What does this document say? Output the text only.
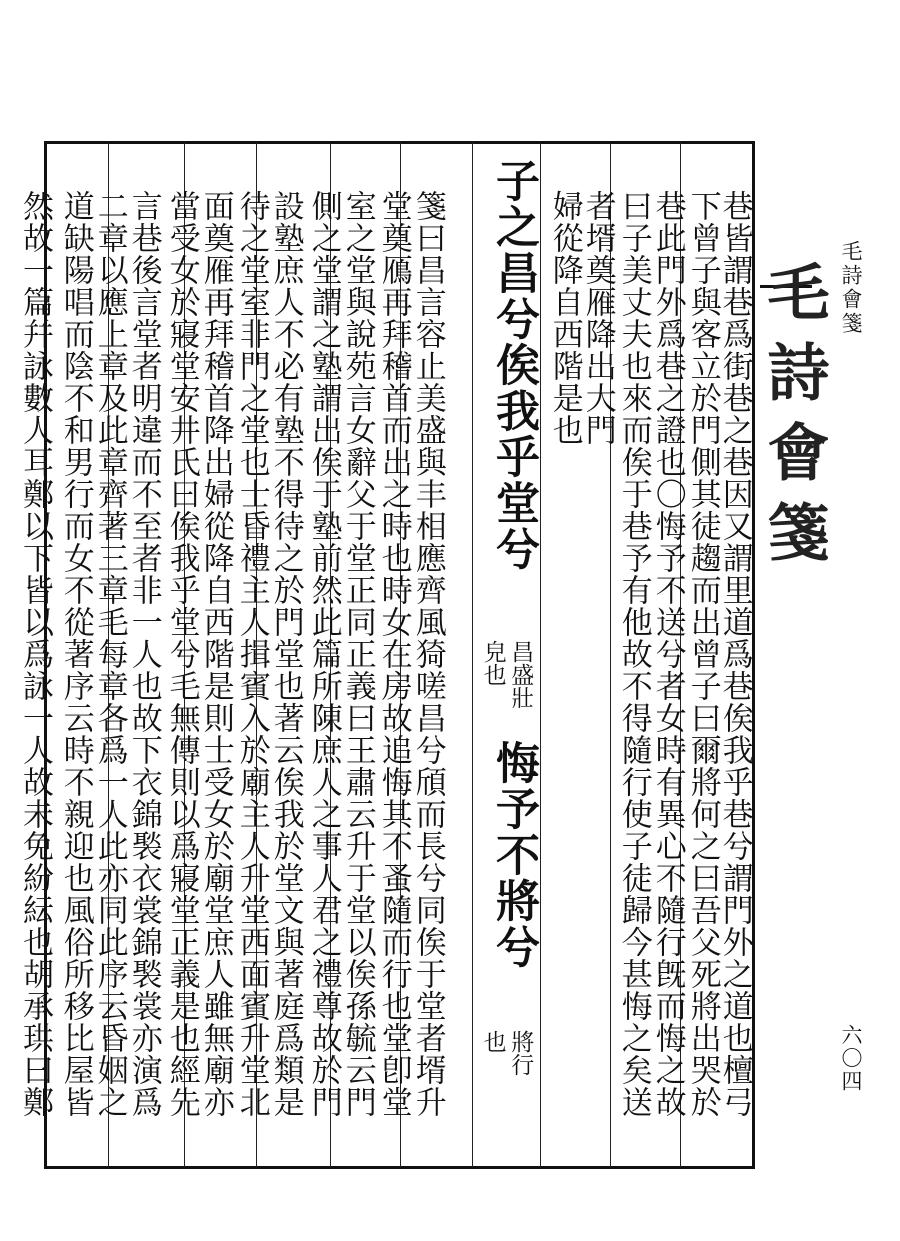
巷皆謂巷爲街巷之巷因又謂里道爲巷俟我乎巷兮謂門外之道也檀弓
下曾子與客立於門側其徒趨而出曾子曰爾將何之曰吾父死將出哭於
巷此門外爲巷之證也〇悔予不送兮者女時有異心不隨行旣而悔之故
曰子美丈夫也來而俟于巷予有他故不得隨行使子徒歸今甚悔之矣送
者壻奠雁降出大門
婦從降自西階是也
子之昌兮俟我乎堂兮
昌盛壯
皃也
悔予不將兮
將行
也
箋曰昌言容止美盛與丰相應齊風猗嗟昌兮頎而長兮同俟于堂者壻升
堂奠鴈再拜稽首而出之時也時女在房故追悔其不蚤隨而行也堂卽堂
室之堂與說苑言女辭父于堂正同正義曰王肅云升于堂以俟孫毓云門
側之堂謂之塾謂出俟于塾前然此篇所陳庶人之事人君之禮尊故於門
設塾庶人不必有塾不得待之於門堂也著云俟我於堂文與著庭爲類是
待之堂室非門之堂也士昏禮主人揖賓入於廟主人升堂西面賓升堂北
面奠雁再拜稽首降出婦從降自西階是則士受女於廟堂庶人雖無廟亦
當受女於寢堂安井氏曰俟我乎堂兮毛無傳則以爲寢堂正義是也經先
言巷後言堂者明違而不至者非一人也故下衣錦褧衣裳錦褧裳亦演爲
二章以應上章及此章齊著三章毛每章各爲一人此亦同此序云昏姻之
道缺陽唱而陰不和男行而女不從著序云時不親迎也風俗所移比屋皆
然故一篇幷詠數人耳鄭以下皆以爲詠一人故未免紛紜也胡承珙曰鄭	毛詩會箋 毛詩會箋
六〇四
